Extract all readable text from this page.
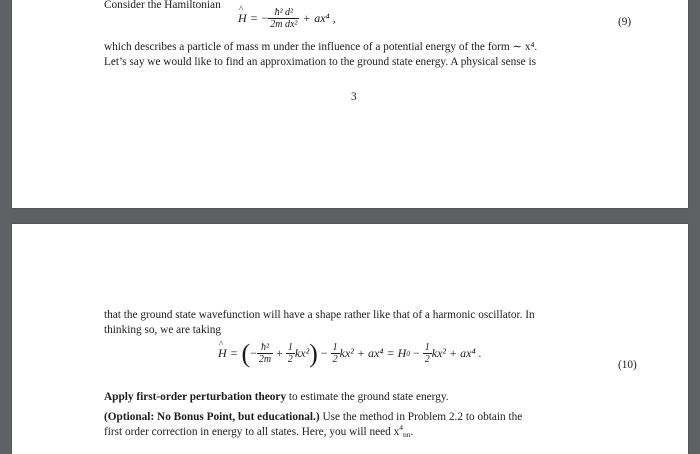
Consider the Hamiltonian
^ H = − $\frac{\text{ħ² d²}}{\text{2m dx²}} + ax^4$ ,	(9)
which describes a particle of mass m under the influence of a potential energy of the form ∼ x⁴.
Let’s say we would like to find an approximation to the ground state energy. A physical sense is
3
that the ground state wavefunction will have a shape rather like that of a harmonic oscillator. In
thinking so, we are taking
^ H = ( − $\frac{\text{ħ²}}{2m} + \frac{1}{2} kx^2$ ) − $\frac{1}{2} kx^2 + ax^4 = H$ $0 - \frac{1}{2} kx^2 + ax^4$ .
(10)
Apply first-order perturbation theory to estimate the ground state energy.
(Optional: No Bonus Point, but educational.) Use the method in Problem 2.2 to obtain the
first order correction in energy to all states. Here, you will need $x^4_{nn}$.
